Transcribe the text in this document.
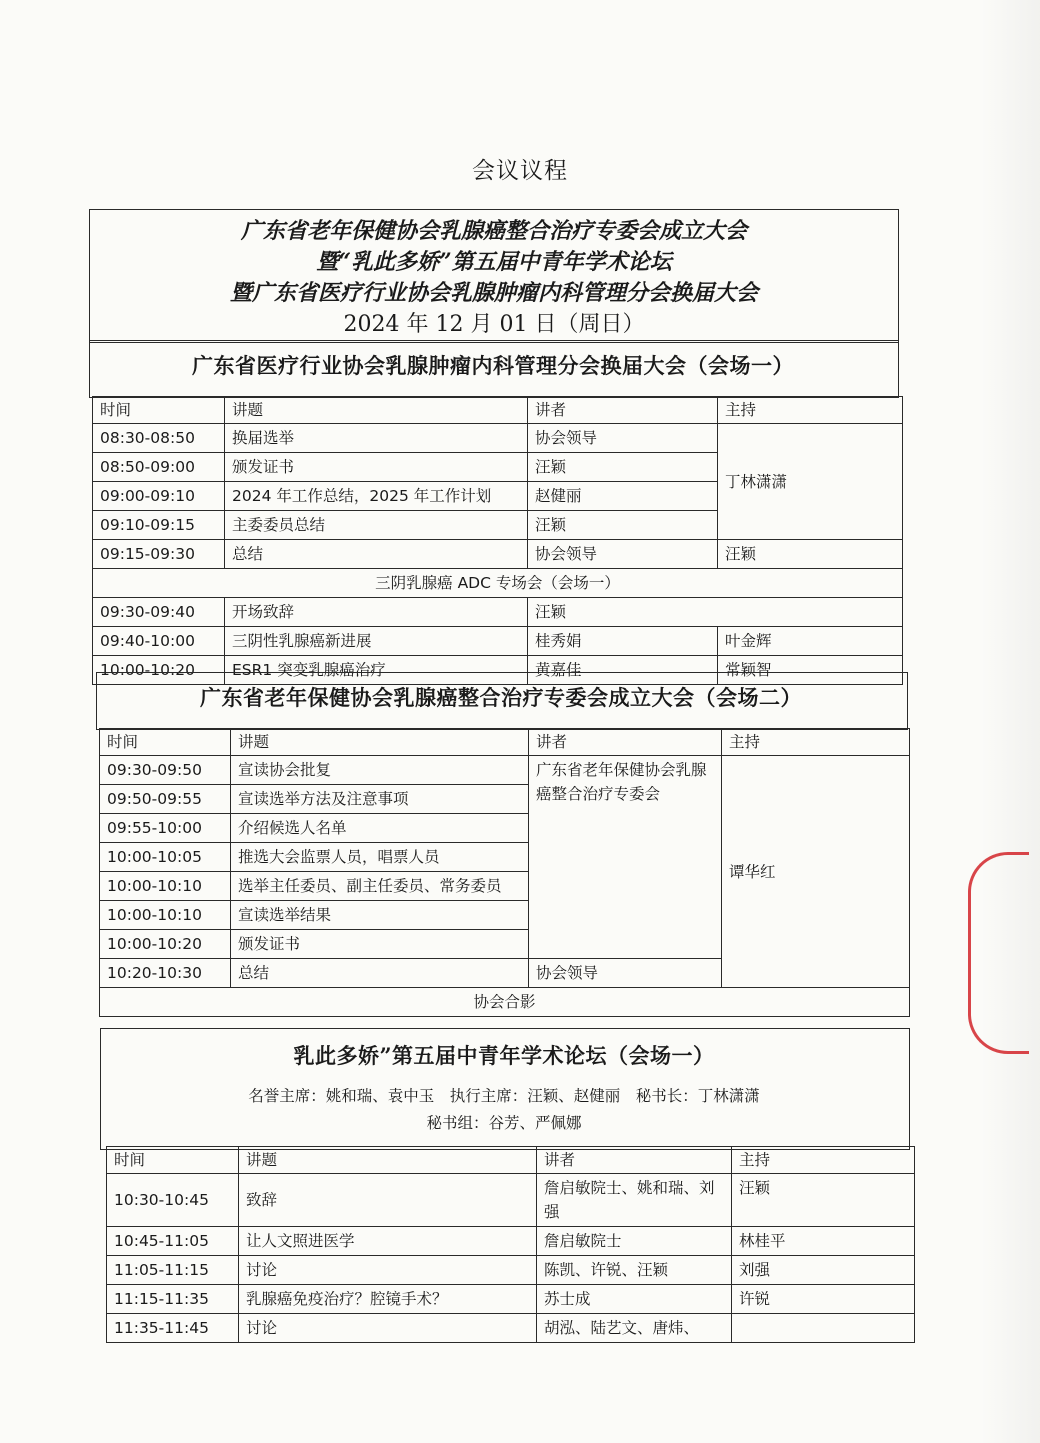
会议议程
广东省老年保健协会乳腺癌整合治疗专委会成立大会
暨“乳此多娇”第五届中青年学术论坛
暨广东省医疗行业协会乳腺肿瘤内科管理分会换届大会
2024 年 12 月 01 日（周日）
广东省医疗行业协会乳腺肿瘤内科管理分会换届大会（会场一）
时间	讲题	讲者	主持
08:30-08:50	换届选举	协会领导	丁林潇潇
08:50-09:00	颁发证书	汪颖	
09:00-09:10	2024 年工作总结，2025 年工作计划	赵健丽	
09:10-09:15	主委委员总结	汪颖	
09:15-09:30	总结	协会领导	汪颖
三阴乳腺癌 ADC 专场会（会场一）			
09:30-09:40	开场致辞	汪颖	
09:40-10:00	三阴性乳腺癌新进展	桂秀娟	叶金辉
10:00-10:20	ESR1 突变乳腺癌治疗	黄嘉佳	常颖智
广东省老年保健协会乳腺癌整合治疗专委会成立大会（会场二）
时间	讲题	讲者	主持
09:30-09:50	宣读协会批复	广东省老年保健协会乳腺癌整合治疗专委会	谭华红
09:50-09:55	宣读选举方法及注意事项		
09:55-10:00	介绍候选人名单		
10:00-10:05	推选大会监票人员，唱票人员		
10:00-10:10	选举主任委员、副主任委员、常务委员		
10:00-10:10	宣读选举结果		
10:00-10:20	颁发证书		
10:20-10:30	总结	协会领导	
协会合影			
乳此多娇”第五届中青年学术论坛（会场一）
名誉主席：姚和瑞、袁中玉　执行主席：汪颖、赵健丽　秘书长：丁林潇潇
秘书组：谷芳、严佩娜
时间	讲题	讲者	主持
10:30-10:45	致辞	詹启敏院士、姚和瑞、刘强	汪颖
10:45-11:05	让人文照进医学	詹启敏院士	林桂平
11:05-11:15	讨论	陈凯、许锐、汪颖	刘强
11:15-11:35	乳腺癌免疫治疗？腔镜手术？	苏士成	许锐
11:35-11:45	讨论	胡泓、陆艺文、唐炜、	
